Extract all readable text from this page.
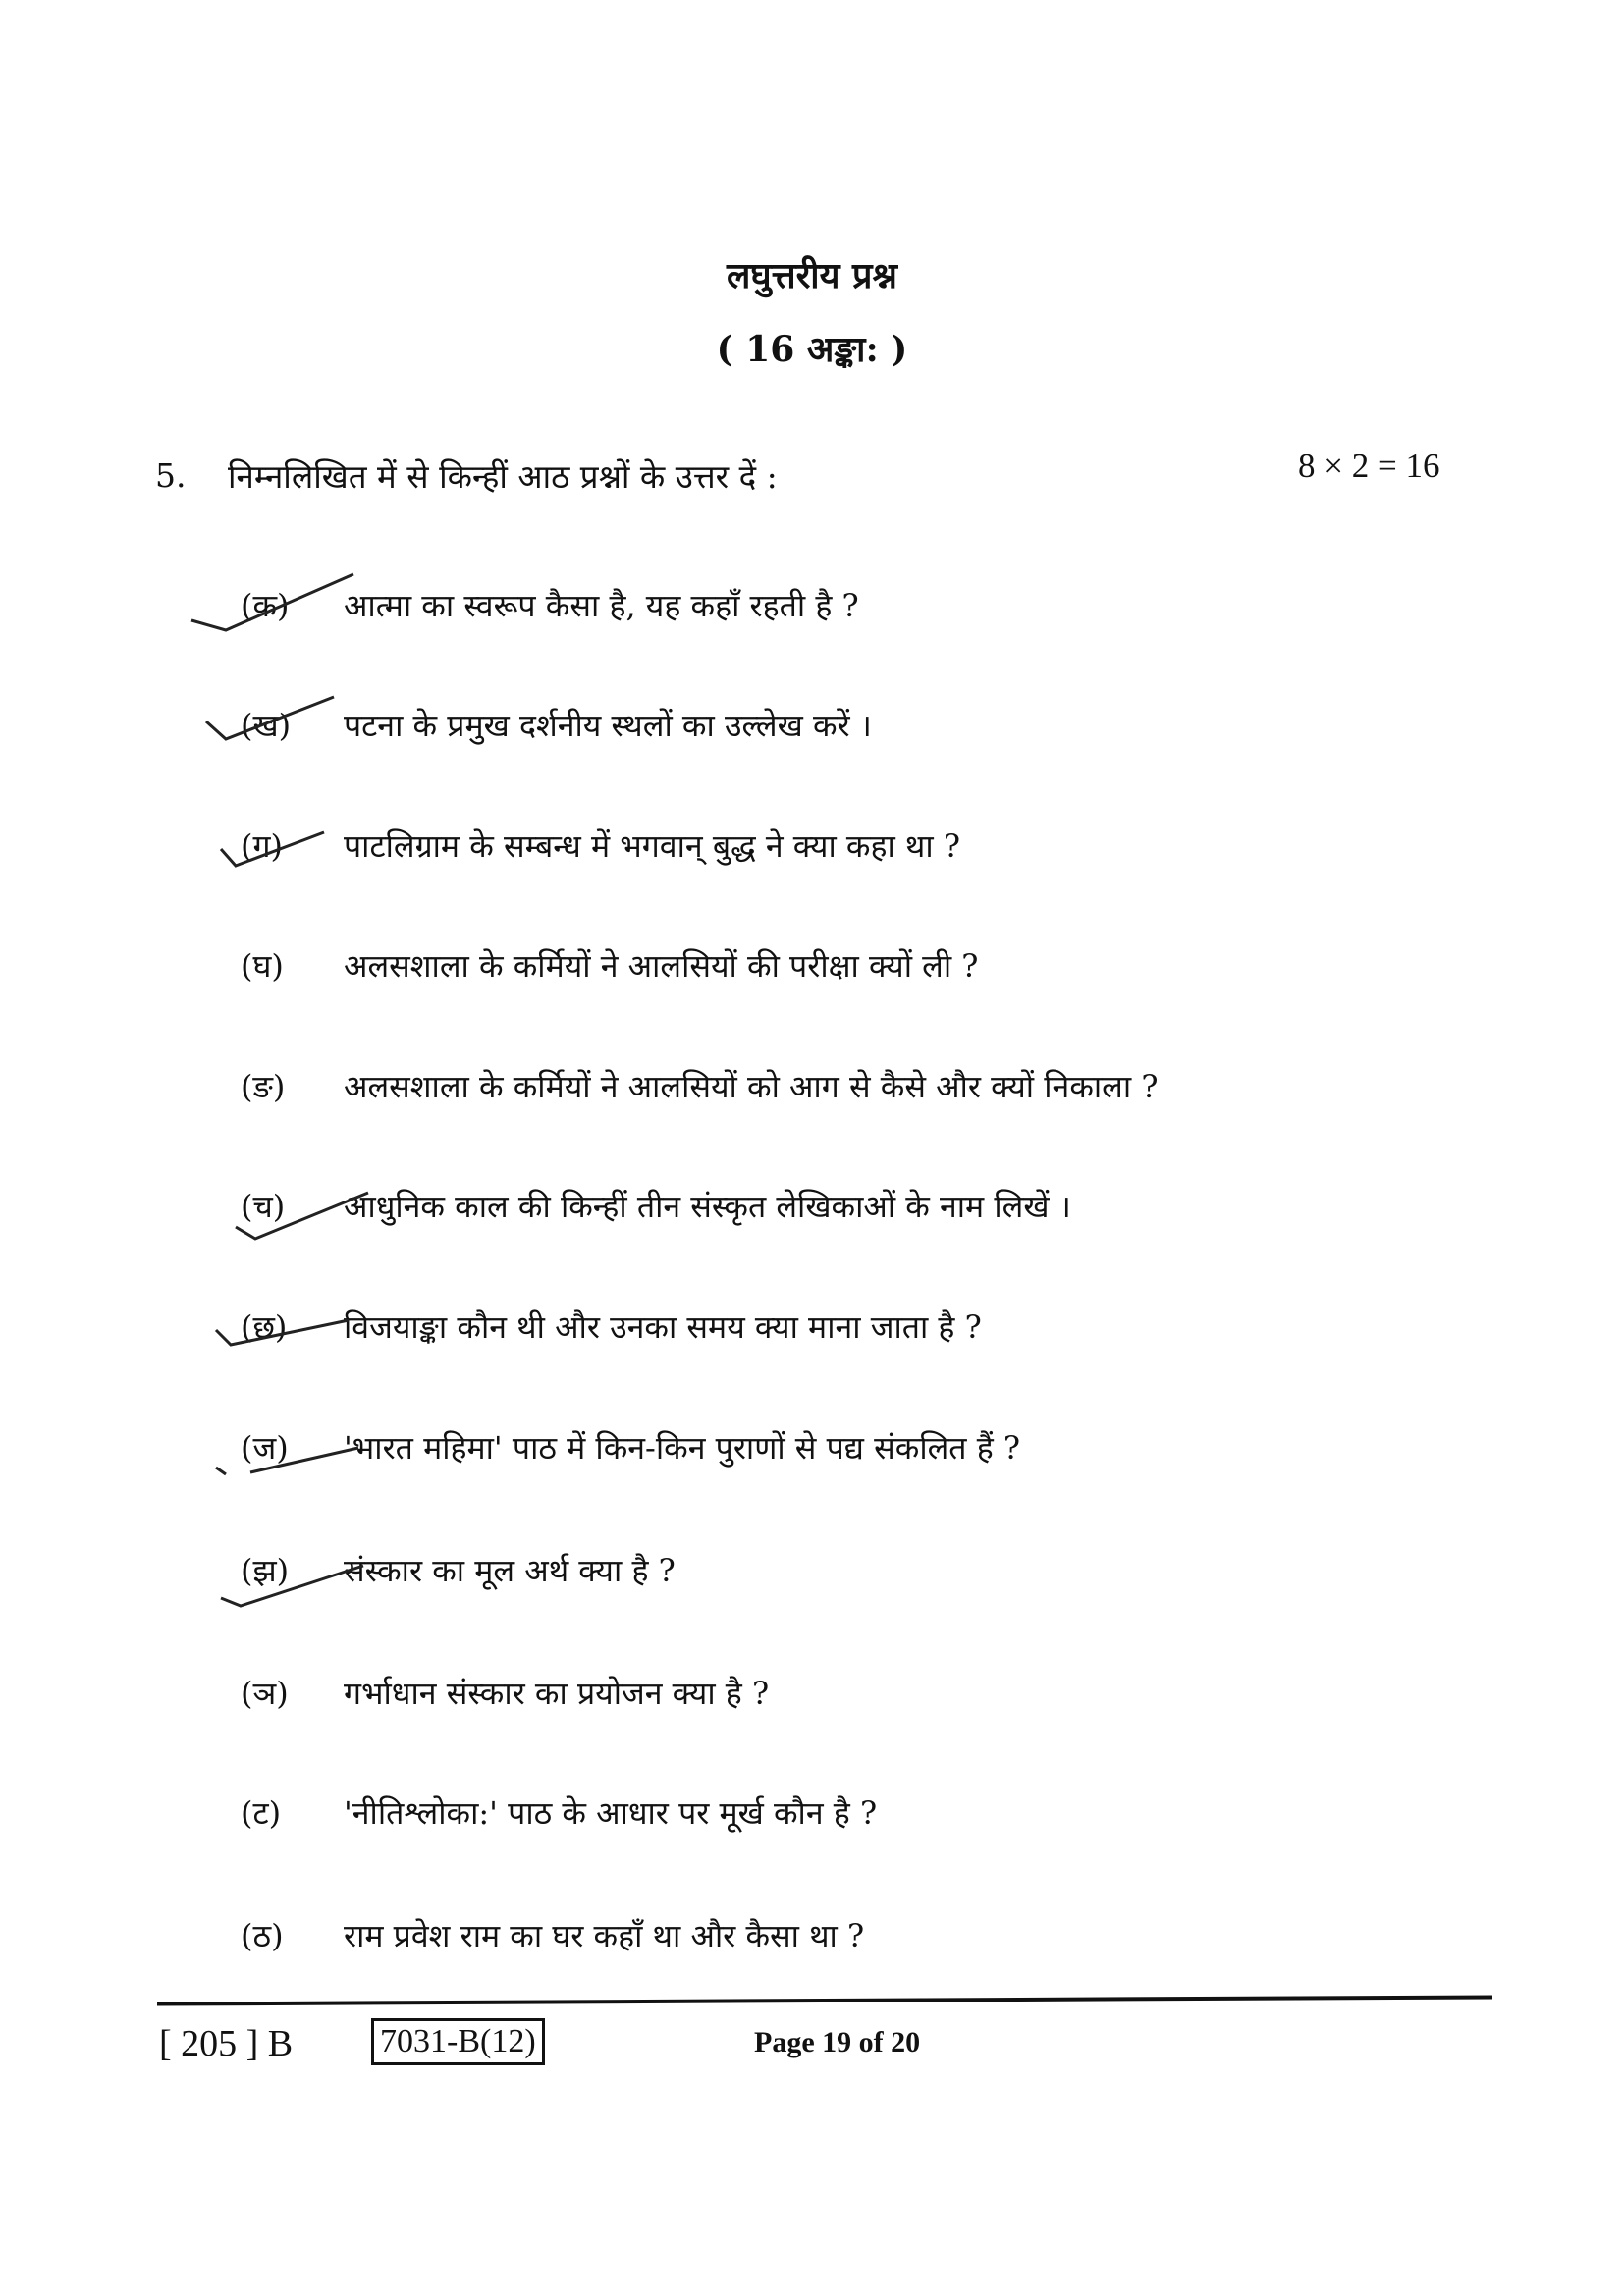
लघुत्तरीय प्रश्न
( 16 अङ्का: )
5. निम्नलिखित में से किन्हीं आठ प्रश्नों के उत्तर दें :	8 × 2 = 16
(क)	आत्मा का स्वरूप कैसा है, यह कहाँ रहती है ?
(ख)	पटना के प्रमुख दर्शनीय स्थलों का उल्लेख करें ।
(ग)	पाटलिग्राम के सम्बन्ध में भगवान् बुद्ध ने क्या कहा था ?
(घ)	अलसशाला के कर्मियों ने आलसियों की परीक्षा क्यों ली ?
(ङ)	अलसशाला के कर्मियों ने आलसियों को आग से कैसे और क्यों निकाला ?
(च)	आधुनिक काल की किन्हीं तीन संस्कृत लेखिकाओं के नाम लिखें ।
(छ)	विजयाङ्का कौन थी और उनका समय क्या माना जाता है ?
(ज)	'भारत महिमा' पाठ में किन-किन पुराणों से पद्य संकलित हैं ?
(झ)	संस्कार का मूल अर्थ क्या है ?
(ञ)	गर्भाधान संस्कार का प्रयोजन क्या है ?
(ट)	'नीतिश्लोका:' पाठ के आधार पर मूर्ख कौन है ?
(ठ)	राम प्रवेश राम का घर कहाँ था और कैसा था ?
[ 205 ] B	7031-B(12)	Page 19 of 20
